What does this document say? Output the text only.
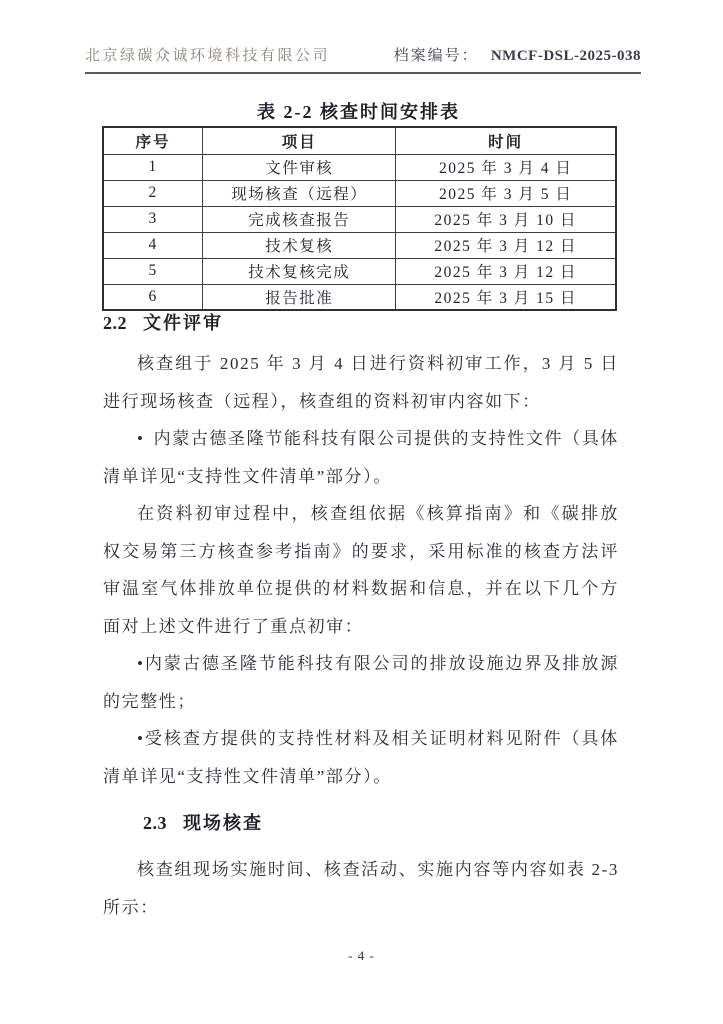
北京绿碳众诚环境科技有限公司	档案编号： NMCF-DSL-2025-038
表 2-2 核查时间安排表
序号	项目	时间
1	文件审核	2025 年 3 月 4 日
2	现场核查（远程）	2025 年 3 月 5 日
3	完成核查报告	2025 年 3 月 10 日
4	技术复核	2025 年 3 月 12 日
5	技术复核完成	2025 年 3 月 12 日
6	报告批准	2025 年 3 月 15 日
2.2 文件评审
核查组于 2025 年 3 月 4 日进行资料初审工作，3 月 5 日进行现场核查（远程），核查组的资料初审内容如下：
• 内蒙古德圣隆节能科技有限公司提供的支持性文件（具体清单详见“支持性文件清单”部分）。
在资料初审过程中，核查组依据《核算指南》和《碳排放权交易第三方核查参考指南》的要求，采用标准的核查方法评审温室气体排放单位提供的材料数据和信息，并在以下几个方面对上述文件进行了重点初审：
•内蒙古德圣隆节能科技有限公司的排放设施边界及排放源的完整性；
•受核查方提供的支持性材料及相关证明材料见附件（具体清单详见“支持性文件清单”部分）。
2.3 现场核查
核查组现场实施时间、核查活动、实施内容等内容如表 2-3 所示：
- 4 -
